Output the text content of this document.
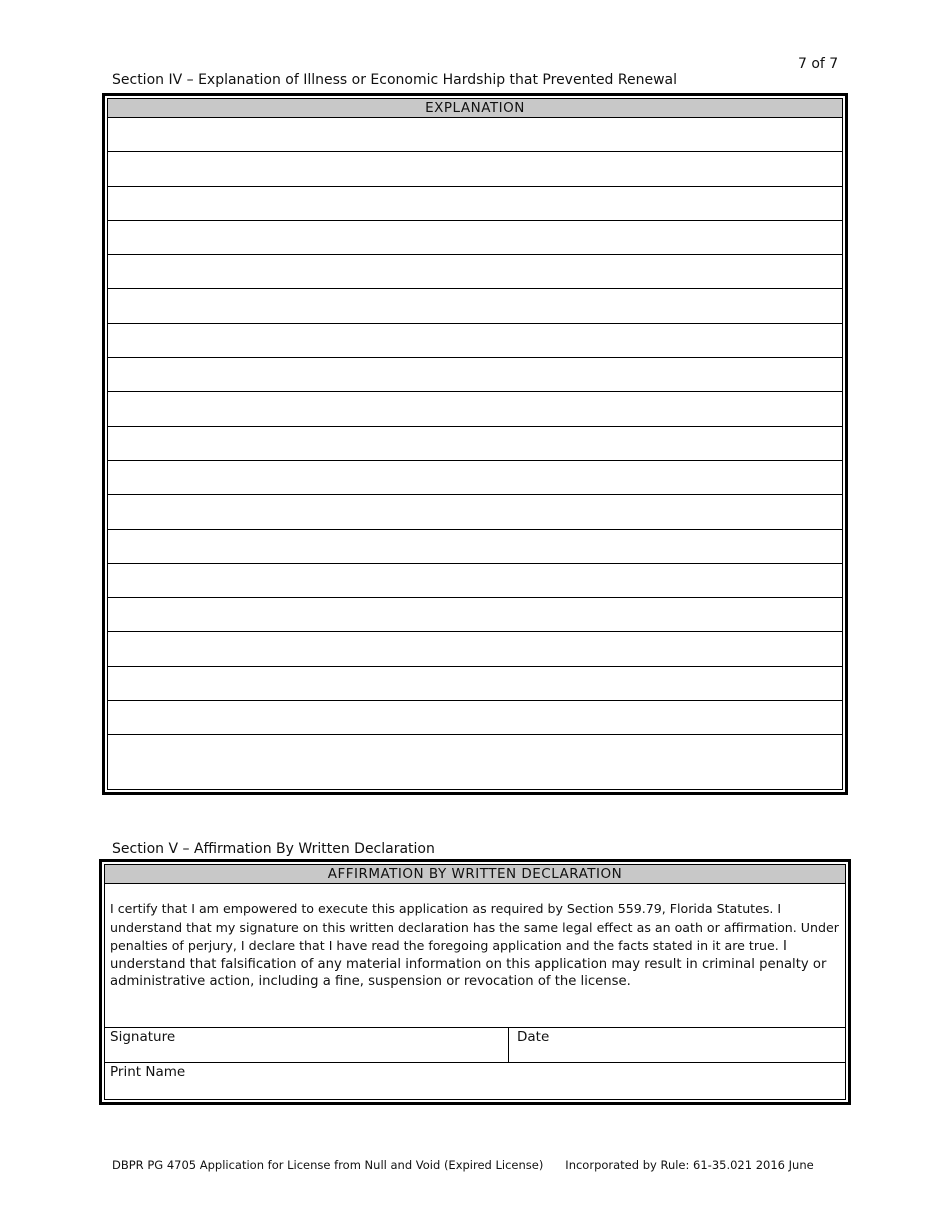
7 of 7
Section IV – Explanation of Illness or Economic Hardship that Prevented Renewal
EXPLANATION
Section V – Affirmation By Written Declaration
AFFIRMATION BY WRITTEN DECLARATION
I certify that I am empowered to execute this application as required by Section 559.79, Florida Statutes. I understand that my signature on this written declaration has the same legal effect as an oath or affirmation. Under penalties of perjury, I declare that I have read the foregoing application and the facts stated in it are true. I understand that falsification of any material information on this application may result in criminal penalty or administrative action, including a fine, suspension or revocation of the license.
Signature	Date
Print Name
DBPR PG 4705 Application for License from Null and Void (Expired License) Incorporated by Rule: 61-35.021 2016 June
